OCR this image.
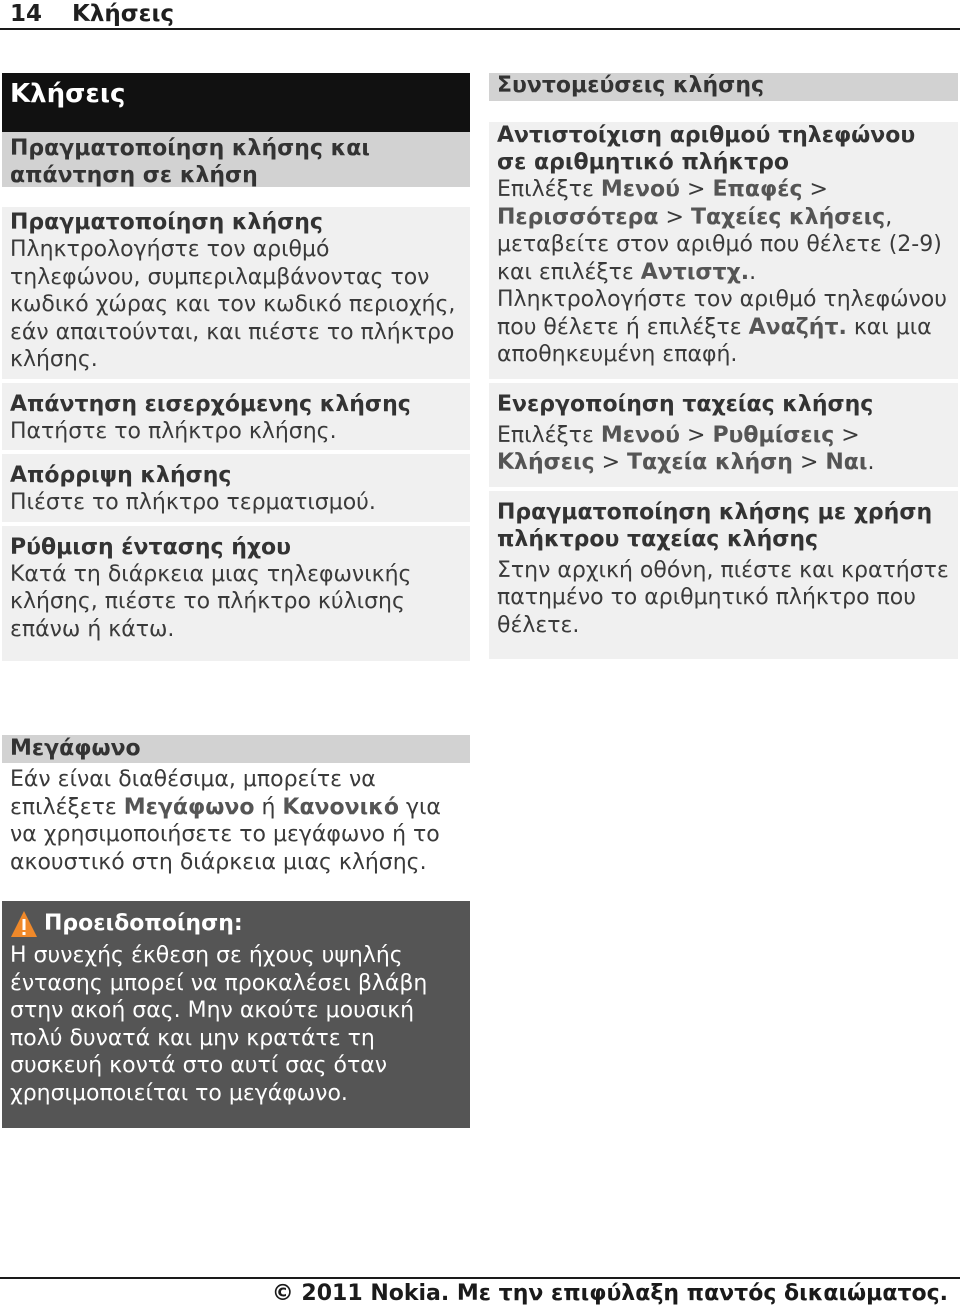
14 Κλήσεις
Κλήσεις
Πραγματοποίηση κλήσης και απάντηση σε κλήση
Πραγματοποίηση κλήσης
Πληκτρολογήστε τον αριθμό τηλεφώνου, συμπεριλαμβάνοντας τον κωδικό χώρας και τον κωδικό περιοχής, εάν απαιτούνται, και πιέστε το πλήκτρο κλήσης.
Απάντηση εισερχόμενης κλήσης
Πατήστε το πλήκτρο κλήσης.
Απόρριψη κλήσης
Πιέστε το πλήκτρο τερματισμού.
Ρύθμιση έντασης ήχου
Κατά τη διάρκεια μιας τηλεφωνικής κλήσης, πιέστε το πλήκτρο κύλισης επάνω ή κάτω.
Μεγάφωνο
Εάν είναι διαθέσιμα, μπορείτε να επιλέξετε Μεγάφωνο ή Κανονικό για να χρησιμοποιήσετε το μεγάφωνο ή το ακουστικό στη διάρκεια μιας κλήσης.
Προειδοποίηση:
Η συνεχής έκθεση σε ήχους υψηλής έντασης μπορεί να προκαλέσει βλάβη στην ακοή σας. Μην ακούτε μουσική πολύ δυνατά και μην κρατάτε τη συσκευή κοντά στο αυτί σας όταν χρησιμοποιείται το μεγάφωνο.
Συντομεύσεις κλήσης
Αντιστοίχιση αριθμού τηλεφώνου σε αριθμητικό πλήκτρο
Επιλέξτε Μενού > Επαφές > Περισσότερα > Ταχείες κλήσεις, μεταβείτε στον αριθμό που θέλετε (2-9) και επιλέξτε Αντιστχ.. Πληκτρολογήστε τον αριθμό τηλεφώνου που θέλετε ή επιλέξτε Αναζήτ. και μια αποθηκευμένη επαφή.
Ενεργοποίηση ταχείας κλήσης
Επιλέξτε Μενού > Ρυθμίσεις > Κλήσεις > Ταχεία κλήση > Ναι.
Πραγματοποίηση κλήσης με χρήση πλήκτρου ταχείας κλήσης
Στην αρχική οθόνη, πιέστε και κρατήστε πατημένο το αριθμητικό πλήκτρο που θέλετε.
© 2011 Nokia. Με την επιφύλαξη παντός δικαιώματος.
